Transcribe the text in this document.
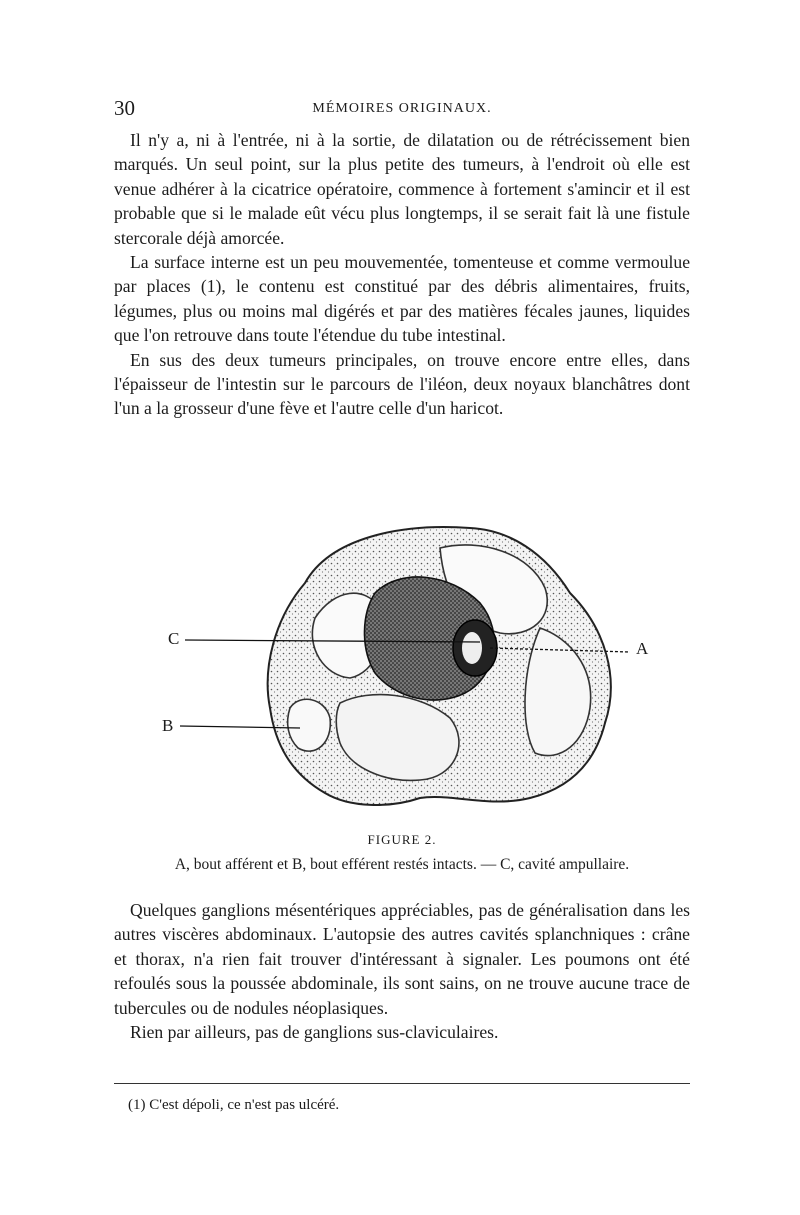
30	MÉMOIRES ORIGINAUX.

Il n'y a, ni à l'entrée, ni à la sortie, de dilatation ou de rétrécissement bien marqués. Un seul point, sur la plus petite des tumeurs, à l'endroit où elle est venue adhérer à la cicatrice opératoire, commence à fortement s'amincir et il est probable que si le malade eût vécu plus longtemps, il se serait fait là une fistule stercorale déjà amorcée.

La surface interne est un peu mouvementée, tomenteuse et comme vermoulue par places (1), le contenu est constitué par des débris alimentaires, fruits, légumes, plus ou moins mal digérés et par des matières fécales jaunes, liquides que l'on retrouve dans toute l'étendue du tube intestinal.

En sus des deux tumeurs principales, on trouve encore entre elles, dans l'épaisseur de l'intestin sur le parcours de l'iléon, deux noyaux blanchâtres dont l'un a la grosseur d'une fève et l'autre celle d'un haricot.

C
A
B
FIGURE 2.
A, bout afférent et B, bout efférent restés intacts. — C, cavité ampullaire.

Quelques ganglions mésentériques appréciables, pas de généralisation dans les autres viscères abdominaux. L'autopsie des autres cavités splanchniques : crâne et thorax, n'a rien fait trouver d'intéressant à signaler. Les poumons ont été refoulés sous la poussée abdominale, ils sont sains, on ne trouve aucune trace de tubercules ou de nodules néoplasiques.

Rien par ailleurs, pas de ganglions sus-claviculaires.

(1) C'est dépoli, ce n'est pas ulcéré.
